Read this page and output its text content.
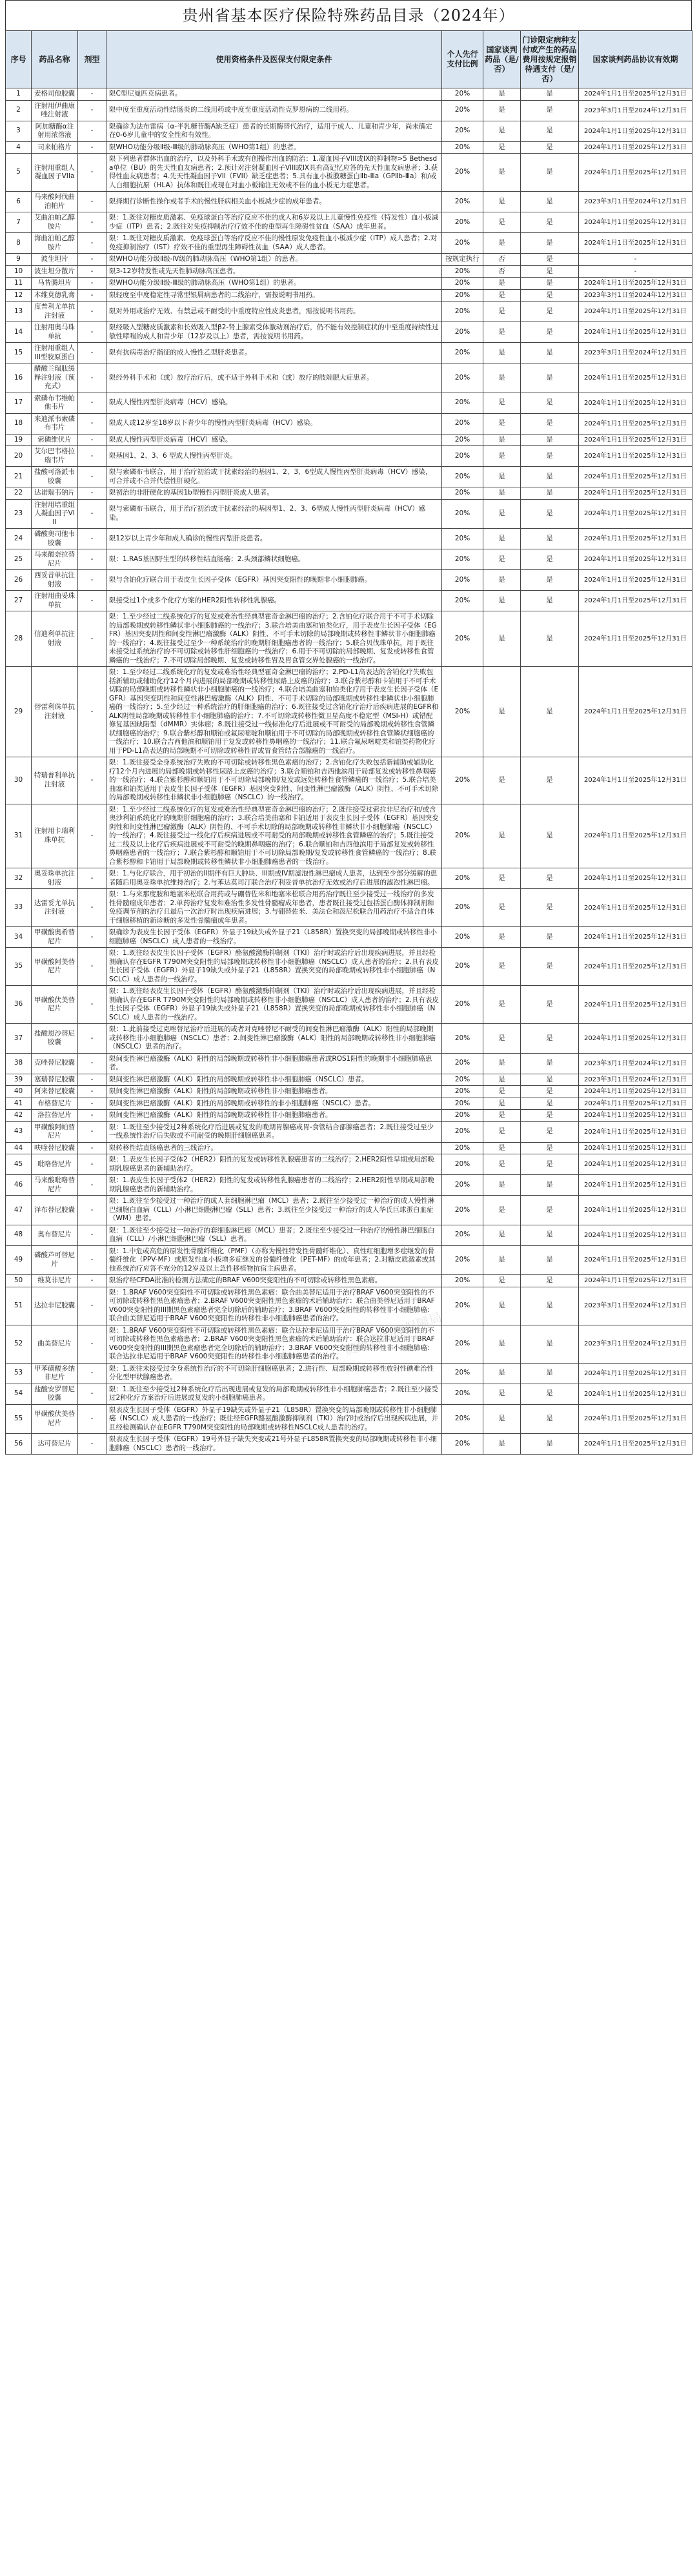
贵州省基本医疗保险特殊药品目录（2024年）
序号	药品名称	剂型	使用资格条件及医保支付限定条件	个人先行支付比例	国家谈判药品（是/否）	门诊限定病种支付或产生的药品费用按规定报销待遇支付（是/否）	国家谈判药品协议有效期
1	麦格司他胶囊	-	限C型尼曼匹克病患者。	20%	是	是	2024年1月1日至2025年12月31日
2	注射用伊曲康唑注射液	-	限中度至重度活动性结肠炎的二线用药或中度至重度活动性克罗恩病的二线用药。	20%	是	是	2023年3月1日至2024年12月31日
3	阿加糖酶α注射用浓溶液	-	限确诊为法布雷病（α-半乳糖苷酶A缺乏症）患者的长期酶替代治疗，适用于成人、儿童和青少年，尚未确定在0-6岁儿童中的安全性和有效性。	20%	是	是	2024年1月1日至2025年12月31日
4	司来帕格片	-	限WHO功能分级Ⅱ级-Ⅲ级的肺动脉高压（WHO第1组）的患者。	20%	是	是	2024年1月1日至2025年12月31日
5	注射用重组人凝血因子VIIa	-	限下列患者群体出血的治疗，以及外科手术或有创操作出血的防治：1.凝血因子VIII或IX的抑制物>5 Bethesda单位（BU）的先天性血友病患者；2.预计对注射凝血因子VIII或IX具有高记忆应答的先天性血友病患者；3.获得性血友病患者；4.先天性凝血因子VII（FVII）缺乏症患者；5.具有血小板膜糖蛋白Ⅱb-Ⅲa（GPⅡb-Ⅲa）和/或人白细胞抗原（HLA）抗体和既往或现在对血小板输注无效或不佳的血小板无力症患者。	20%	是	是	2024年1月1日至2025年12月31日
6	马来酸阿伐曲泊帕片	-	限择期行诊断性操作或者手术的慢性肝病相关血小板减少症的成年患者。	20%	是	是	2023年3月1日至2024年12月31日
7	艾曲泊帕乙醇胺片	-	限：1.既往对糖皮质激素、免疫球蛋白等治疗反应不佳的成人和6岁及以上儿童慢性免疫性（特发性）血小板减少症（ITP）患者；2.既往对免疫抑制治疗疗效不佳的重型再生障碍性贫血（SAA）成年患者。	20%	是	是	2024年1月1日至2025年12月31日
8	海曲泊帕乙醇胺片	-	限：1.既往对糖皮质激素、免疫球蛋白等治疗反应不佳的慢性原发免疫性血小板减少症（ITP）成人患者；2.对免疫抑制治疗（IST）疗效不佳的重型再生障碍性贫血（SAA）成人患者。	20%	是	是	2024年1月1日至2025年12月31日
9	波生坦片	-	限WHO功能分级Ⅱ级-Ⅳ级的肺动脉高压（WHO第1组）的患者。	按规定执行	否	是	-
10	波生坦分散片	-	限3-12岁特发性或先天性肺动脉高压患者。	20%	否	是	-
11	马昔腾坦片	-	限WHO功能分级Ⅱ级-Ⅲ级的肺动脉高压（WHO第1组）的患者。	20%	是	是	2024年1月1日至2025年12月31日
12	本维莫德乳膏	-	限轻度至中度稳定性寻常型银屑病患者的二线治疗，需按说明书用药。	20%	是	是	2023年3月1日至2024年12月31日
13	度普利尤单抗注射液	-	限对外用或治疗无效、有禁忌或不耐受的中重度特应性皮炎患者，需按说明书用药。	20%	是	是	2024年1月1日至2025年12月31日
14	注射用奥马珠单抗	-	限经吸入型糖皮质激素和长效吸入型β2-肾上腺素受体激动剂治疗后，仍不能有效控制症状的中至重度持续性过敏性哮喘的成人和青少年（12岁及以上）患者，需按说明书用药。	20%	是	是	2024年1月1日至2025年12月31日
15	注射用重组人III型胶原蛋白	-	限有抗病毒治疗指征的成人慢性乙型肝炎患者。	20%	是	是	2023年3月1日至2024年12月31日
16	醋酸兰瑞肽缓释注射液（预充式）	-	限经外科手术和（或）放疗治疗后，或不适于外科手术和（或）放疗的肢端肥大症患者。	20%	是	是	2024年1月1日至2025年12月31日
17	索磷布韦维帕他韦片	-	限成人慢性丙型肝炎病毒（HCV）感染。	20%	是	是	2024年1月1日至2025年12月31日
18	来迪派韦索磷布韦片	-	限成人或12岁至18岁以下青少年的慢性丙型肝炎病毒（HCV）感染。	20%	是	是	2024年1月1日至2025年12月31日
19	索磷维伏片	-	限成人慢性丙型肝炎病毒（HCV）感染。	20%	是	是	2024年1月1日至2025年12月31日
20	艾尔巴韦格拉瑞韦片	-	限基因1、2、3、6 型成人慢性丙型肝炎。	20%	是	是	2024年1月1日至2025年12月31日
21	盐酸可洛派韦胶囊	-	限与索磷布韦联合，用于治疗初治或干扰素经治的基因1、2、3、6型成人慢性丙型肝炎病毒（HCV）感染，可合并或不合并代偿性肝硬化。	20%	是	是	2024年1月1日至2025年12月31日
22	达诺瑞韦钠片	-	限初治的非肝硬化的基因1b型慢性丙型肝炎成人患者。	20%	是	是	2024年1月1日至2025年12月31日
23	注射用培重组人凝血因子VIII	-	限与索磷布韦联合，用于治疗初治或干扰素经治的基因型1、2、3、6型成人慢性丙型肝炎病毒（HCV）感染。	20%	是	是	2024年1月1日至2025年12月31日
24	磷酸奥司他韦胶囊	-	限12岁以上青少年和成人确诊的慢性丙型肝炎患者。	20%	是	是	2024年1月1日至2025年12月31日
25	马来酸奈拉替尼片	-	限：1.RAS基因野生型的转移性结直肠癌；2.头颈部鳞状细胞癌。	20%	是	是	2024年1月1日至2025年12月31日
26	西妥昔单抗注射液	-	限与含铂化疗联合用于表皮生长因子受体（EGFR）基因突变阳性的晚期非小细胞肺癌。	20%	是	是	2024年1月1日至2025年12月31日
27	注射用曲妥珠单抗	-	限接受过1个或多个化疗方案的HER2阳性转移性乳腺癌。	20%	是	是	2024年1月1日至2025年12月31日
28	信迪利单抗注射液	-	限：1.至少经过二线系统化疗的复发或难治性经典型霍奇金淋巴瘤的治疗；2.含铂化疗联合用于不可手术切除的局部晚期或转移性鳞状非小细胞肺癌的一线治疗；3.联合培美曲塞和铂类化疗，用于表皮生长因子受体（EGFR）基因突变阴性和间变性淋巴瘤激酶（ALK）阴性、不可手术切除的局部晚期或转移性非鳞状非小细胞肺癌的一线治疗；4.既往接受过至少一种系统治疗的晚期肝细胞癌患者的一线治疗；5.联合贝伐珠单抗，用于既往未接受过系统治疗的不可切除或转移性肝细胞癌的一线治疗；6.用于不可切除的局部晚期、复发或转移性食管鳞癌的一线治疗；7.不可切除局部晚期、复发或转移性胃及胃食管交界处腺癌的一线治疗。	20%	是	是	2024年1月1日至2025年12月31日
29	替雷利珠单抗注射液	-	限：1.至少经过二线系统化疗的复发或难治性经典型霍奇金淋巴瘤的治疗；2.PD-L1高表达的含铂化疗失败包括新辅助或辅助化疗12个月内进展的局部晚期或转移性尿路上皮癌的治疗；3.联合紫杉醇和卡铂用于不可手术切除的局部晚期或转移性鳞状非小细胞肺癌的一线治疗；4.联合培美曲塞和铂类化疗用于表皮生长因子受体（EGFR）基因突变阴性和间变性淋巴瘤激酶（ALK）阴性、不可手术切除的局部晚期或转移性非鳞状非小细胞肺癌的一线治疗；5.至少经过一种系统治疗的肝细胞癌的治疗；6.既往接受过含铂化疗治疗后疾病进展的EGFR和ALK阴性局部晚期或转移性非小细胞肺癌的治疗；7.不可切除或转移性微卫星高度不稳定型（MSI-H）或错配修复基因缺陷型（dMMR）实体瘤；8.既往接受过一线标准化疗后进展或不可耐受的局部晚期或转移性食管鳞状细胞癌的治疗；9.联合紫杉醇和顺铂或氟尿嘧啶和顺铂用于不可切除的局部晚期或转移性食管鳞状细胞癌的一线治疗；10.联合吉西他滨和顺铂用于复发或转移性鼻咽癌的一线治疗；11.联合氟尿嘧啶类和铂类药物化疗用于PD-L1高表达的局部晚期不可切除或转移性胃或胃食管结合部腺癌的一线治疗。	20%	是	是	2024年1月1日至2025年12月31日
30	特瑞普利单抗注射液	-	限：1.既往接受全身系统治疗失败的不可切除或转移性黑色素瘤的治疗；2.含铂化疗失败包括新辅助或辅助化疗12个月内进展的局部晚期或转移性尿路上皮癌的治疗；3.联合顺铂和吉西他滨用于局部复发或转移性鼻咽癌的一线治疗；4.联合紫杉醇和顺铂用于不可切除局部晚期/复发或远处转移性食管鳞癌的一线治疗；5.联合培美曲塞和铂类适用于表皮生长因子受体（EGFR）基因突变阴性、间变性淋巴瘤激酶（ALK）阴性、不可手术切除的局部晚期或转移性非鳞状非小细胞肺癌（NSCLC）的一线治疗。	20%	是	是	2024年1月1日至2025年12月31日
31	注射用卡瑞利珠单抗	-	限：1.至少经过二线系统化疗的复发或难治性经典型霍奇金淋巴瘤的治疗；2.既往接受过索拉非尼治疗和/或含奥沙利铂系统化疗的晚期肝细胞癌的治疗；3.联合培美曲塞和卡铂适用于表皮生长因子受体（EGFR）基因突变阴性和间变性淋巴瘤激酶（ALK）阴性的、不可手术切除的局部晚期或转移性非鳞状非小细胞肺癌（NSCLC）的一线治疗；4.既往接受过一线化疗后疾病进展或不可耐受的局部晚期或转移性食管鳞癌的治疗；5.既往接受过二线及以上化疗后疾病进展或不可耐受的晚期鼻咽癌的治疗；6.联合顺铂和吉西他滨用于局部复发或转移性鼻咽癌患者的一线治疗；7.联合紫杉醇和顺铂用于不可切除局部晚期/复发或转移性食管鳞癌的一线治疗；8.联合紫杉醇和卡铂用于局部晚期或转移性鳞状非小细胞肺癌患者的一线治疗。	20%	是	是	2024年1月1日至2025年12月31日
32	奥妥珠单抗注射液	-	限：1.与化疗联合，用于初治的II期伴有巨大肿块、III期或IV期滤泡性淋巴瘤成人患者，达到至少部分缓解的患者随后用奥妥珠单抗维持治疗；2.与苯达莫司汀联合治疗利妥昔单抗治疗无效或治疗后进展的滤泡性淋巴瘤。	20%	是	是	2024年1月1日至2025年12月31日
33	达雷妥尤单抗注射液	-	限：1.与来那度胺和地塞米松联合用药或与硼替佐米和地塞米松联合用药治疗既往至少接受过一线治疗的多发性骨髓瘤成年患者；2.单药治疗复发和难治性多发性骨髓瘤成年患者，患者既往接受过包括蛋白酶体抑制剂和免疫调节剂的治疗且最后一次治疗时出现疾病进展；3.与硼替佐米、美法仑和泼尼松联合用药治疗不适合自体干细胞移植的新诊断的多发性骨髓瘤成年患者。	20%	是	是	2024年1月1日至2025年12月31日
34	甲磺酸奥希替尼片	-	限确诊为表皮生长因子受体（EGFR）外显子19缺失或外显子21（L858R）置换突变的局部晚期或转移性非小细胞肺癌（NSCLC）成人患者的一线治疗。	20%	是	是	2024年1月1日至2025年12月31日
35	甲磺酸阿美替尼片	-	限：1.既往经表皮生长因子受体（EGFR）酪氨酸激酶抑制剂（TKI）治疗时或治疗后出现疾病进展，并且经检测确认存在EGFR T790M突变阳性的局部晚期或转移性非小细胞肺癌（NSCLC）成人患者的治疗；2.具有表皮生长因子受体（EGFR）外显子19缺失或外显子21（L858R）置换突变的局部晚期或转移性非小细胞肺癌（NSCLC）成人患者的一线治疗。	20%	是	是	2024年1月1日至2025年12月31日
36	甲磺酸伏美替尼片	-	限：1.既往经表皮生长因子受体（EGFR）酪氨酸激酶抑制剂（TKI）治疗时或治疗后出现疾病进展，并且经检测确认存在EGFR T790M突变阳性的局部晚期或转移性非小细胞肺癌（NSCLC）成人患者的治疗；2.具有表皮生长因子受体（EGFR）外显子19缺失或外显子21（L858R）置换突变的局部晚期或转移性非小细胞肺癌（NSCLC）成人患者的一线治疗。	20%	是	是	2024年1月1日至2025年12月31日
37	盐酸恩沙替尼胶囊	-	限：1.此前接受过克唑替尼治疗后进展的或者对克唑替尼不耐受的间变性淋巴瘤激酶（ALK）阳性的局部晚期或转移性非小细胞肺癌（NSCLC）患者；2.间变性淋巴瘤激酶（ALK）阳性的局部晚期或转移性非小细胞肺癌（NSCLC）患者的治疗。	20%	是	是	2024年1月1日至2025年12月31日
38	克唑替尼胶囊	-	限间变性淋巴瘤激酶（ALK）阳性的局部晚期或转移性非小细胞肺癌患者或ROS1阳性的晚期非小细胞肺癌患者。	20%	是	是	2023年3月1日至2024年12月31日
39	塞瑞替尼胶囊	-	限间变性淋巴瘤激酶（ALK）阳性的局部晚期或转移性非小细胞肺癌（NSCLC）患者。	20%	是	是	2023年3月1日至2024年12月31日
40	阿来替尼胶囊	-	限间变性淋巴瘤激酶（ALK）阳性的局部晚期或转移性非小细胞肺癌患者。	20%	是	是	2024年1月1日至2025年12月31日
41	布格替尼片	-	限间变性淋巴瘤激酶（ALK）阳性的局部晚期或转移性的非小细胞肺癌（NSCLC）患者。	20%	是	是	2024年1月1日至2025年12月31日
42	洛拉替尼片	-	限间变性淋巴瘤激酶（ALK）阳性的局部晚期或转移性非小细胞肺癌患者。	20%	是	是	2024年1月1日至2025年12月31日
43	甲磺酸阿帕替尼片	-	限：1.既往至少接受过2种系统化疗后进展或复发的晚期胃腺癌或胃-食管结合部腺癌患者；2.既往接受过至少一线系统性治疗后失败或不可耐受的晚期肝细胞癌患者。	20%	是	是	2024年1月1日至2025年12月31日
44	呋喹替尼胶囊	-	限转移性结直肠癌患者的三线治疗。	20%	是	是	2024年1月1日至2025年12月31日
45	吡咯替尼片	-	限：1.表皮生长因子受体2（HER2）阳性的复发或转移性乳腺癌患者的二线治疗；2.HER2阳性早期或局部晚期乳腺癌患者的新辅助治疗。	20%	是	是	2024年1月1日至2025年12月31日
46	马来酸吡咯替尼片	-	限：1.表皮生长因子受体2（HER2）阳性的复发或转移性乳腺癌患者的二线治疗；2.HER2阳性早期或局部晚期乳腺癌患者的新辅助治疗。	20%	是	是	2024年1月1日至2025年12月31日
47	泽布替尼胶囊	-	限：1.既往至少接受过一种治疗的成人套细胞淋巴瘤（MCL）患者；2.既往至少接受过一种治疗的成人慢性淋巴细胞白血病（CLL）/小淋巴细胞淋巴瘤（SLL）患者；3.既往至少接受过一种治疗的成人华氏巨球蛋白血症（WM）患者。	20%	是	是	2024年1月1日至2025年12月31日
48	奥布替尼片	-	限：1.既往至少接受过一种治疗的套细胞淋巴瘤（MCL）患者；2.既往至少接受过一种治疗的慢性淋巴细胞白血病（CLL）/小淋巴细胞淋巴瘤（SLL）患者。	20%	是	是	2024年1月1日至2025年12月31日
49	磷酸芦可替尼片	-	限：1.中危或高危的原发性骨髓纤维化（PMF）（亦称为慢性特发性骨髓纤维化）、真性红细胞增多症继发的骨髓纤维化（PPV-MF）或原发性血小板增多症继发的骨髓纤维化（PET-MF）的成年患者；2.对糖皮质激素或其他系统治疗应答不充分的12岁及以上急性移植物抗宿主病患者。	20%	是	是	2024年1月1日至2025年12月31日
50	维莫非尼片	-	限治疗经CFDA批准的检测方法确定的BRAF V600突变阳性的不可切除或转移性黑色素瘤。	20%	是	是	2024年1月1日至2025年12月31日
51	达拉非尼胶囊	-	限：1.BRAF V600突变阳性不可切除或转移性黑色素瘤：联合曲美替尼适用于治疗BRAF V600突变阳性的不可切除或转移性黑色素瘤患者；2.BRAF V600突变阳性黑色素瘤的术后辅助治疗：联合曲美替尼适用于BRAF V600突变阳性的III期黑色素瘤患者完全切除后的辅助治疗；3.BRAF V600突变阳性的转移性非小细胞肺癌：联合曲美替尼适用于BRAF V600突变阳性的转移性非小细胞肺癌患者的治疗。	20%	是	是	2023年3月1日至2024年12月31日
52	曲美替尼片	-	限：1.BRAF V600突变阳性不可切除或转移性黑色素瘤：联合达拉非尼适用于治疗BRAF V600突变阳性的不可切除或转移性黑色素瘤患者；2.BRAF V600突变阳性黑色素瘤的术后辅助治疗：联合达拉非尼适用于BRAF V600突变阳性的III期黑色素瘤患者完全切除后的辅助治疗；3.BRAF V600突变阳性的转移性非小细胞肺癌：联合达拉非尼适用于BRAF V600突变阳性的转移性非小细胞肺癌患者的治疗。	20%	是	是	2023年3月1日至2024年12月31日
53	甲苯磺酸多纳非尼片	-	限：1.既往未接受过全身系统性治疗的不可切除肝细胞癌患者；2.进行性、局部晚期或转移性放射性碘难治性分化型甲状腺癌患者。	20%	是	是	2024年1月1日至2025年12月31日
54	盐酸安罗替尼胶囊	-	限：1.既往至少接受过2种系统化疗后出现进展或复发的局部晚期或转移性非小细胞肺癌患者；2.既往至少接受过2种化疗方案治疗后进展或复发的小细胞肺癌患者。	20%	是	是	2024年1月1日至2025年12月31日
55	甲磺酸伏美替尼片	-	限表皮生长因子受体（EGFR）外显子19缺失或外显子21（L858R）置换突变的局部晚期或转移性非小细胞肺癌（NSCLC）成人患者的一线治疗；既往经EGFR酪氨酸激酶抑制剂（TKI）治疗时或治疗后出现疾病进展，并且经检测确认存在EGFR T790M突变阳性的局部晚期或转移性NSCLC成人患者的治疗。	20%	是	是	2024年1月1日至2025年12月31日
56	达可替尼片	-	限表皮生长因子受体（EGFR）19号外显子缺失突变或21号外显子L858R置换突变的局部晚期或转移性非小细胞肺癌（NSCLC）患者的一线治疗。	20%	是	是	2024年1月1日至2025年12月31日
贵州省医疗保障局
